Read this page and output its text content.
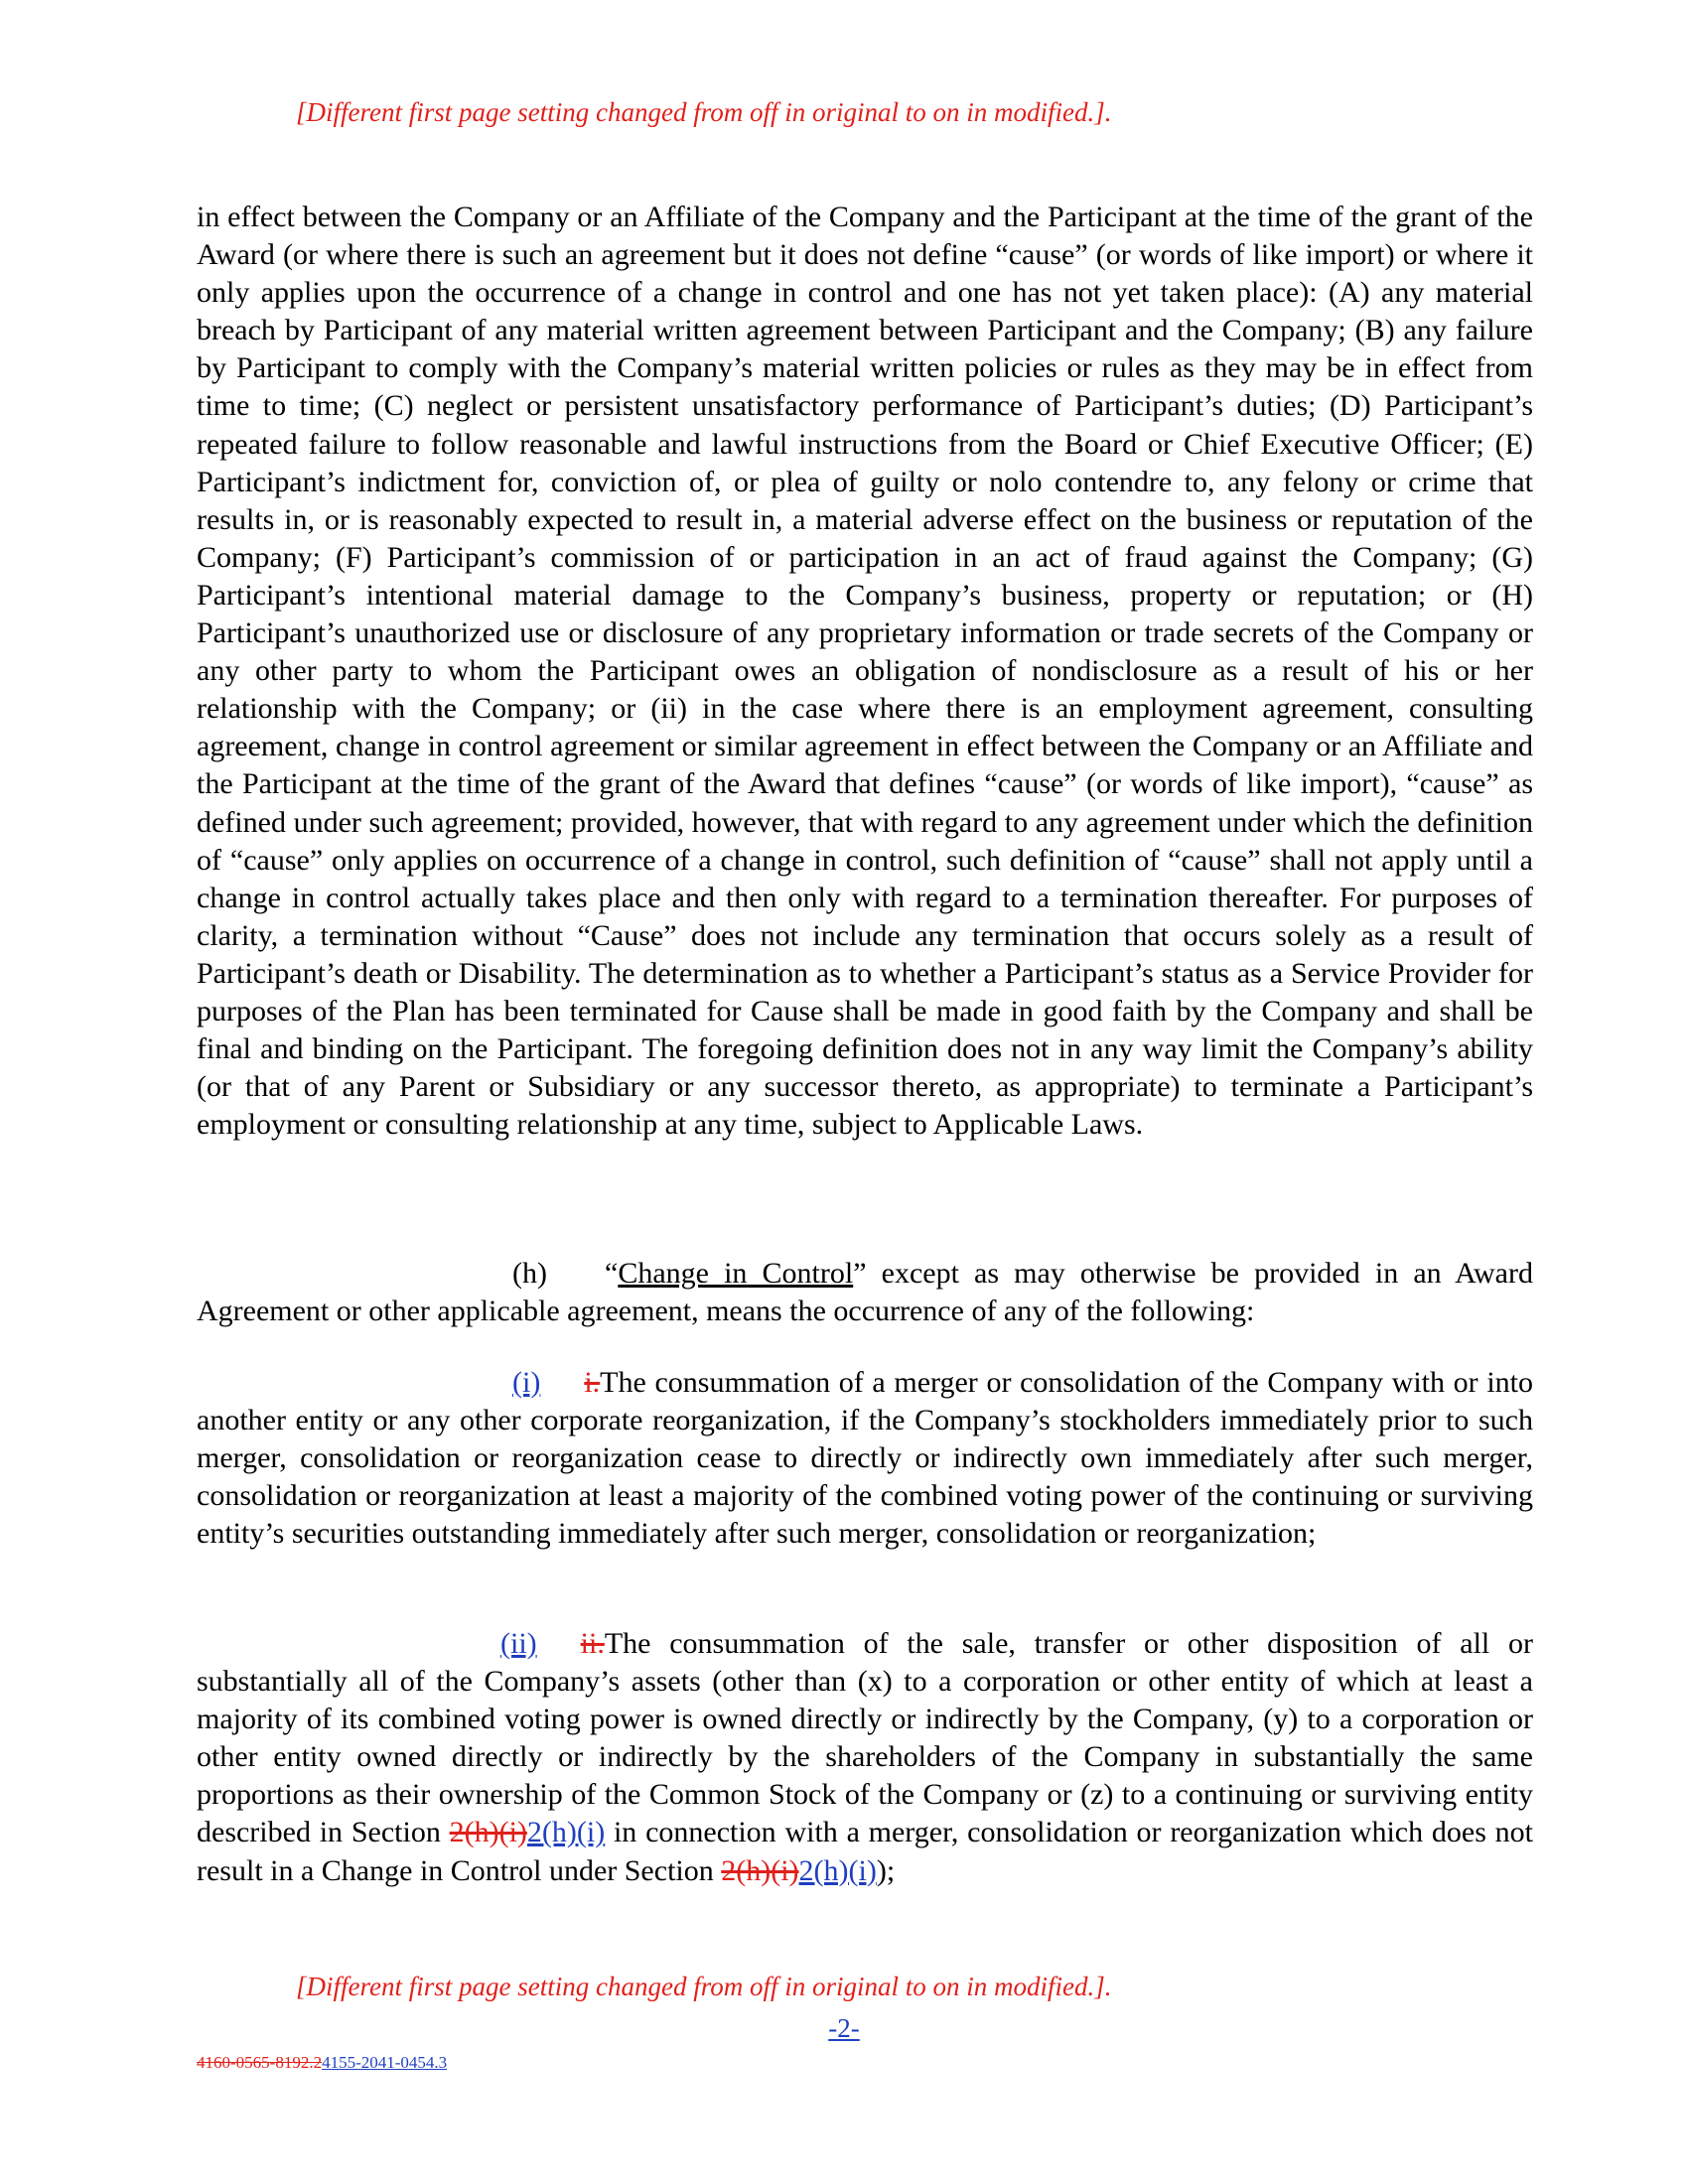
[Different first page setting changed from off in original to on in modified.].
in effect between the Company or an Affiliate of the Company and the Participant at the time of the grant of the Award (or where there is such an agreement but it does not define “cause” (or words of like import) or where it only applies upon the occurrence of a change in control and one has not yet taken place): (A) any material breach by Participant of any material written agreement between Participant and the Company; (B) any failure by Participant to comply with the Company’s material written policies or rules as they may be in effect from time to time; (C) neglect or persistent unsatisfactory performance of Participant’s duties; (D) Participant’s repeated failure to follow reasonable and lawful instructions from the Board or Chief Executive Officer; (E) Participant’s indictment for, conviction of, or plea of guilty or nolo contendre to, any felony or crime that results in, or is reasonably expected to result in, a material adverse effect on the business or reputation of the Company; (F) Participant’s commission of or participation in an act of fraud against the Company; (G) Participant’s intentional material damage to the Company’s business, property or reputation; or (H) Participant’s unauthorized use or disclosure of any proprietary information or trade secrets of the Company or any other party to whom the Participant owes an obligation of nondisclosure as a result of his or her relationship with the Company; or (ii) in the case where there is an employment agreement, consulting agreement, change in control agreement or similar agreement in effect between the Company or an Affiliate and the Participant at the time of the grant of the Award that defines “cause” (or words of like import), “cause” as defined under such agreement; provided, however, that with regard to any agreement under which the definition of “cause” only applies on occurrence of a change in control, such definition of “cause” shall not apply until a change in control actually takes place and then only with regard to a termination thereafter. For purposes of clarity, a termination without “Cause” does not include any termination that occurs solely as a result of Participant’s death or Disability. The determination as to whether a Participant’s status as a Service Provider for purposes of the Plan has been terminated for Cause shall be made in good faith by the Company and shall be final and binding on the Participant. The foregoing definition does not in any way limit the Company’s ability (or that of any Parent or Subsidiary or any successor thereto, as appropriate) to terminate a Participant’s employment or consulting relationship at any time, subject to Applicable Laws.
(h) “Change in Control” except as may otherwise be provided in an Award Agreement or other applicable agreement, means the occurrence of any of the following:
(i) i.The consummation of a merger or consolidation of the Company with or into another entity or any other corporate reorganization, if the Company’s stockholders immediately prior to such merger, consolidation or reorganization cease to directly or indirectly own immediately after such merger, consolidation or reorganization at least a majority of the combined voting power of the continuing or surviving entity’s securities outstanding immediately after such merger, consolidation or reorganization;
(ii) ii.The consummation of the sale, transfer or other disposition of all or substantially all of the Company’s assets (other than (x) to a corporation or other entity of which at least a majority of its combined voting power is owned directly or indirectly by the Company, (y) to a corporation or other entity owned directly or indirectly by the shareholders of the Company in substantially the same proportions as their ownership of the Common Stock of the Company or (z) to a continuing or surviving entity described in Section 2(h)(i)2(h)(i) in connection with a merger, consolidation or reorganization which does not result in a Change in Control under Section 2(h)(i)2(h)(i));
[Different first page setting changed from off in original to on in modified.].
-2-
4160-0565-8192.24155-2041-0454.3
